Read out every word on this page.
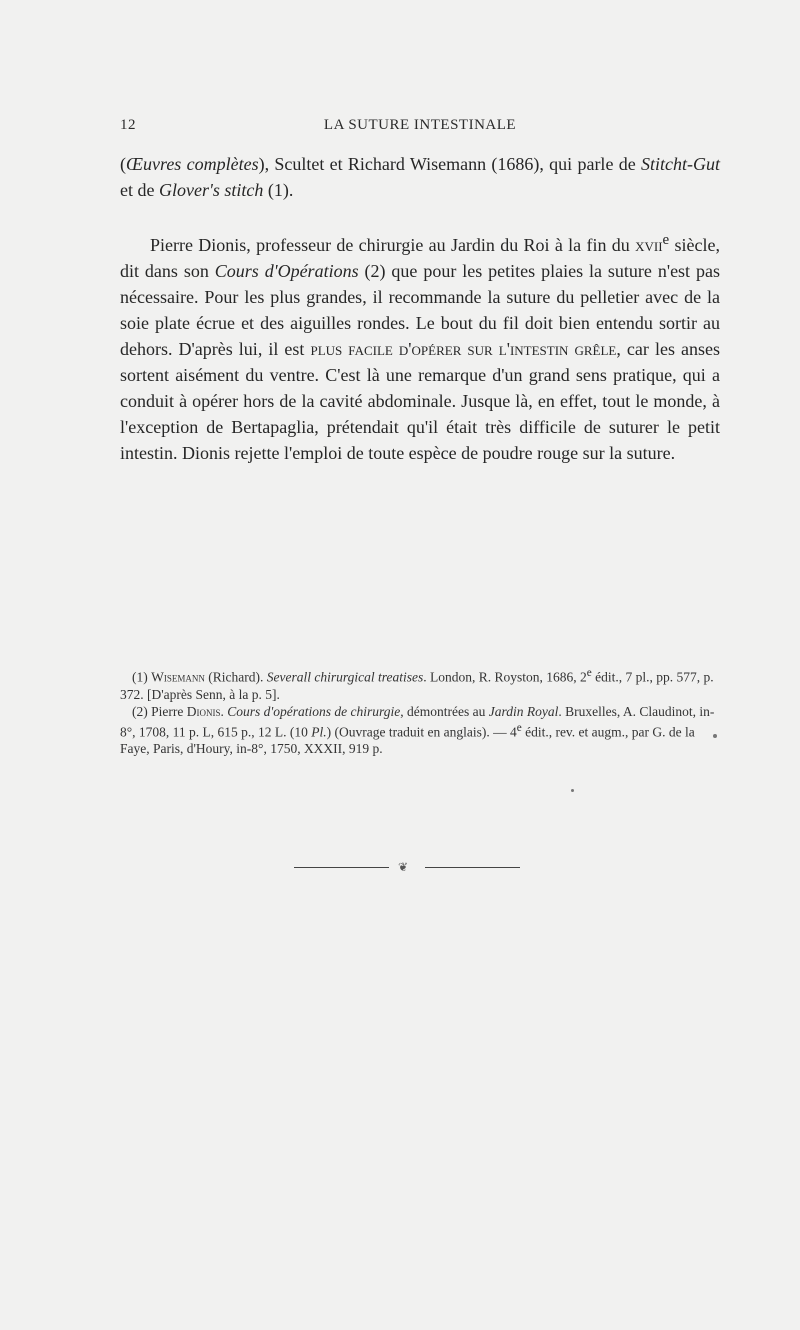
12	LA SUTURE INTESTINALE

(Œuvres complètes), Scultet et Richard Wisemann (1686), qui parle de Stitcht-Gut et de Glover's stitch (1).

Pierre Dionis, professeur de chirurgie au Jardin du Roi à la fin du xvii$^e$ siècle, dit dans son Cours d'Opérations (2) que pour les petites plaies la suture n'est pas nécessaire. Pour les plus grandes, il recommande la suture du pelletier avec de la soie plate écrue et des aiguilles rondes. Le bout du fil doit bien entendu sortir au dehors. D'après lui, il est plus facile d'opérer sur l'intestin grêle, car les anses sortent aisément du ventre. C'est là une remarque d'un grand sens pratique, qui a conduit à opérer hors de la cavité abdominale. Jusque là, en effet, tout le monde, à l'exception de Bertapaglia, prétendait qu'il était très difficile de suturer le petit intestin. Dionis rejette l'emploi de toute espèce de poudre rouge sur la suture.

(1) Wisemann (Richard). Severall chirurgical treatises. London, R. Royston, 1686, 2e édit., 7 pl., pp. 577, p. 372. [D'après Senn, à la p. 5].

(2) Pierre Dionis. Cours d'opérations de chirurgie, démontrées au Jardin Royal. Bruxelles, A. Claudinot, in-8°, 1708, 11 p. L, 615 p., 12 L. (10 Pl.) (Ouvrage traduit en anglais). — 4e édit., rev. et augm., par G. de la Faye, Paris, d'Houry, in-8°, 1750, XXXII, 919 p.

❦
